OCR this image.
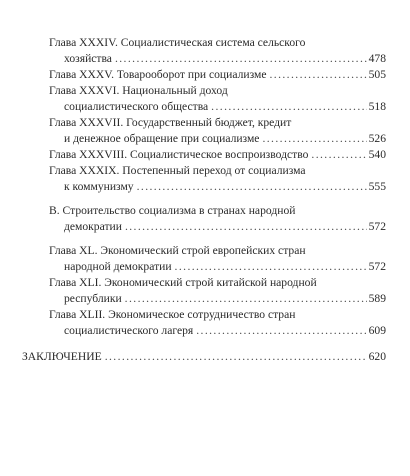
Глава XXXIV. Социалистическая система сельского
хозяйства .....	478
Глава XXXV. Товарооборот при социализме .....	505
Глава XXXVI. Национальный доход
социалистического общества .....	518
Глава XXXVII. Государственный бюджет, кредит
и денежное обращение при социализме .....	526
Глава XXXVIII. Социалистическое воспроизводство .....	540
Глава XXXIX. Постепенный переход от социализма
к коммунизму .....	555
В. Строительство социализма в странах народной
демократии .....	572
Глава XL. Экономический строй европейских стран
народной демократии .....	572
Глава XLI. Экономический строй китайской народной
республики .....	589
Глава XLII. Экономическое сотрудничество стран
социалистического лагеря .....	609
ЗАКЛЮЧЕНИЕ .....	620
